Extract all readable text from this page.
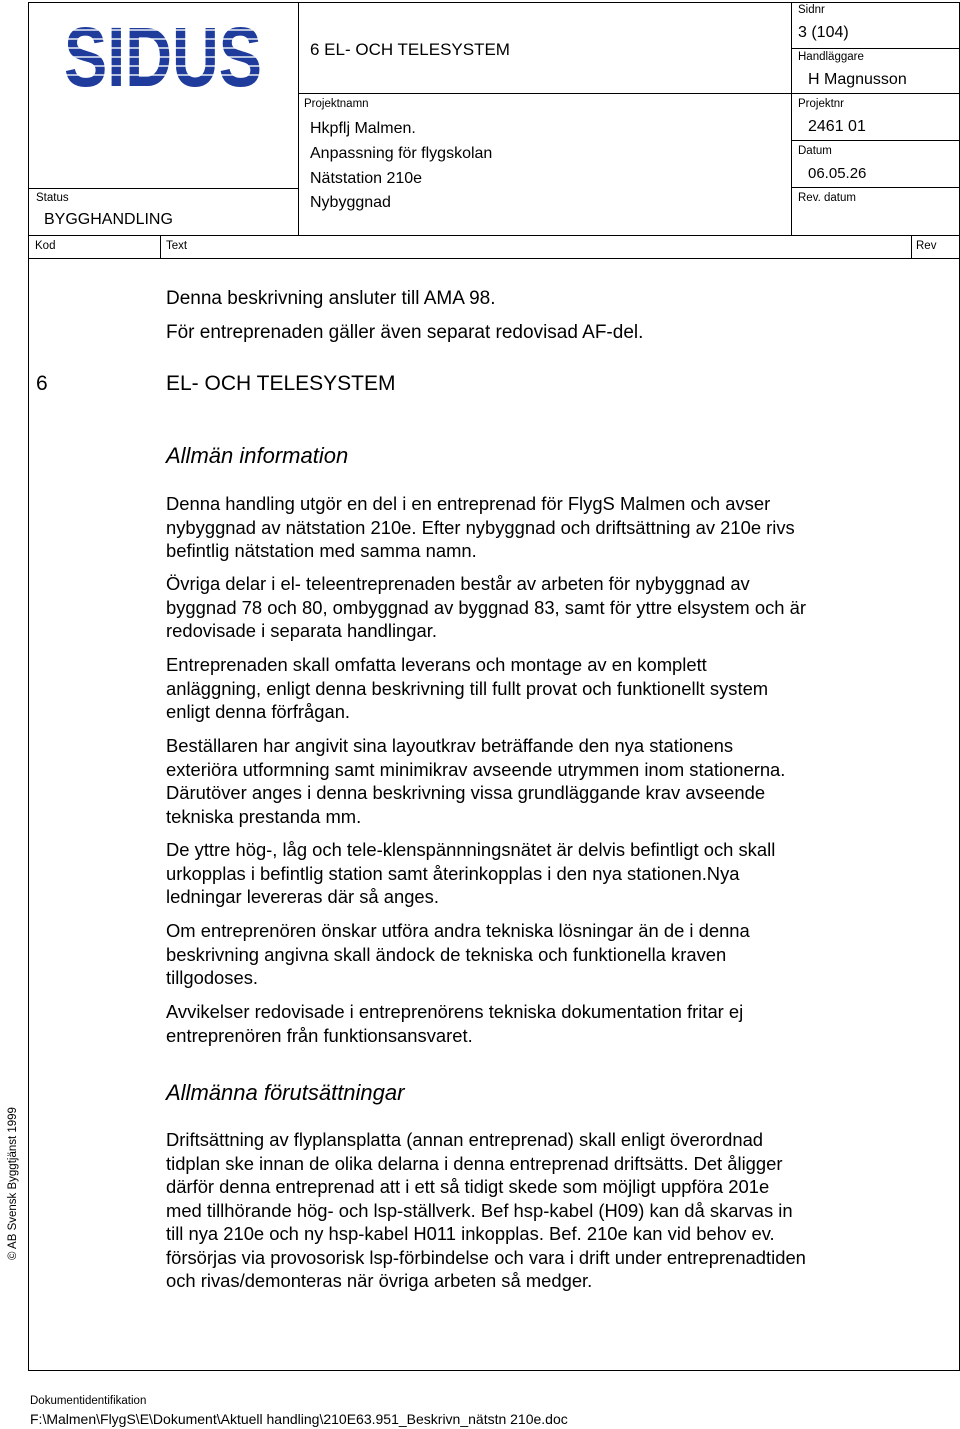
SIDUS	6 EL- OCH TELESYSTEM
Sidnr
3 (104)
Handläggare
H Magnusson
Projektnamn
Hkpflj Malmen.
Anpassning för flygskolan
Nätstation 210e
Nybyggnad
Projektnr
2461 01
Datum
06.05.26
Rev. datum
Status
BYGGHANDLING
Kod	Text	Rev
Denna beskrivning ansluter till AMA 98.
För entreprenaden gäller även separat redovisad AF-del.
6	EL- OCH TELESYSTEM
Allmän information

Denna handling utgör en del i en entreprenad för FlygS Malmen och avser nybyggnad av nätstation 210e. Efter nybyggnad och driftsättning av 210e rivs befintlig nätstation med samma namn.

Övriga delar i el- teleentreprenaden består av arbeten för nybyggnad av byggnad 78 och 80, ombyggnad av byggnad 83, samt för yttre elsystem och är redovisade i separata handlingar.

Entreprenaden skall omfatta leverans och montage av en komplett anläggning, enligt denna beskrivning till fullt provat och funktionellt system enligt denna förfrågan.

Beställaren har angivit sina layoutkrav beträffande den nya stationens exteriöra utformning samt minimikrav avseende utrymmen inom stationerna. Därutöver anges i denna beskrivning vissa grundläggande krav avseende tekniska prestanda mm.

De yttre hög-, låg och tele-klenspännningsnätet är delvis befintligt och skall urkopplas i befintlig station samt återinkopplas i den nya stationen.Nya ledningar levereras där så anges.

Om entreprenören önskar utföra andra tekniska lösningar än de i denna beskrivning angivna skall ändock de tekniska och funktionella kraven tillgodoses.

Avvikelser redovisade i entreprenörens tekniska dokumentation fritar ej entreprenören från funktionsansvaret.

Allmänna förutsättningar

Driftsättning av flyplansplatta (annan entreprenad) skall enligt överordnad tidplan ske innan de olika delarna i denna entreprenad driftsätts. Det åligger därför denna entreprenad att i ett så tidigt skede som möjligt uppföra 201e med tillhörande hög- och lsp-ställverk. Bef hsp-kabel (H09) kan då skarvas in till nya 210e och ny hsp-kabel H011 inkopplas. Bef. 210e kan vid behov ev. försörjas via provosorisk lsp-förbindelse och vara i drift under entreprenadtiden och rivas/demonteras när övriga arbeten så medger.

© AB Svensk Byggtjänst 1999
Dokumentidentifikation
F:\Malmen\FlygS\E\Dokument\Aktuell handling\210E63.951_Beskrivn_nätstn 210e.doc
